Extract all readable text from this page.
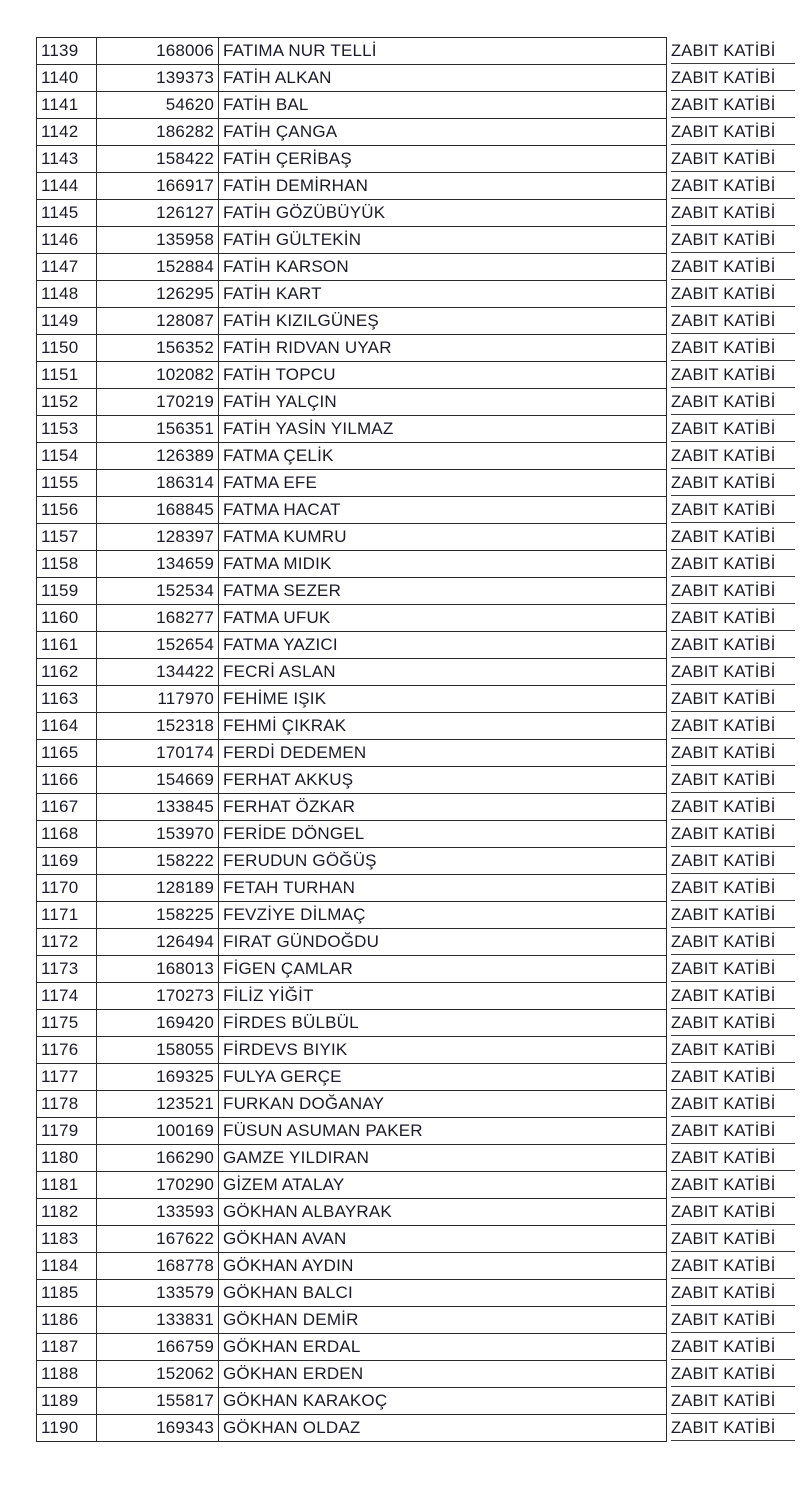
1139	168006	FATIMA NUR TELLİ	ZABIT KATİBİ

1140	139373	FATİH ALKAN	ZABIT KATİBİ

1141	54620	FATİH BAL	ZABIT KATİBİ

1142	186282	FATİH ÇANGA	ZABIT KATİBİ

1143	158422	FATİH ÇERİBAŞ	ZABIT KATİBİ

1144	166917	FATİH DEMİRHAN	ZABIT KATİBİ

1145	126127	FATİH GÖZÜBÜYÜK	ZABIT KATİBİ

1146	135958	FATİH GÜLTEKİN	ZABIT KATİBİ

1147	152884	FATİH KARSON	ZABIT KATİBİ

1148	126295	FATİH KART	ZABIT KATİBİ

1149	128087	FATİH KIZILGÜNEŞ	ZABIT KATİBİ

1150	156352	FATİH RIDVAN UYAR	ZABIT KATİBİ

1151	102082	FATİH TOPCU	ZABIT KATİBİ

1152	170219	FATİH YALÇIN	ZABIT KATİBİ

1153	156351	FATİH YASİN YILMAZ	ZABIT KATİBİ

1154	126389	FATMA ÇELİK	ZABIT KATİBİ

1155	186314	FATMA EFE	ZABIT KATİBİ

1156	168845	FATMA HACAT	ZABIT KATİBİ

1157	128397	FATMA KUMRU	ZABIT KATİBİ

1158	134659	FATMA MIDIK	ZABIT KATİBİ

1159	152534	FATMA SEZER	ZABIT KATİBİ

1160	168277	FATMA UFUK	ZABIT KATİBİ

1161	152654	FATMA YAZICI	ZABIT KATİBİ

1162	134422	FECRİ ASLAN	ZABIT KATİBİ

1163	117970	FEHİME IŞIK	ZABIT KATİBİ

1164	152318	FEHMİ ÇIKRAK	ZABIT KATİBİ

1165	170174	FERDİ DEDEMEN	ZABIT KATİBİ

1166	154669	FERHAT AKKUŞ	ZABIT KATİBİ

1167	133845	FERHAT ÖZKAR	ZABIT KATİBİ

1168	153970	FERİDE DÖNGEL	ZABIT KATİBİ

1169	158222	FERUDUN GÖĞÜŞ	ZABIT KATİBİ

1170	128189	FETAH TURHAN	ZABIT KATİBİ

1171	158225	FEVZİYE DİLMAÇ	ZABIT KATİBİ

1172	126494	FIRAT GÜNDOĞDU	ZABIT KATİBİ

1173	168013	FİGEN ÇAMLAR	ZABIT KATİBİ

1174	170273	FİLİZ YİĞİT	ZABIT KATİBİ

1175	169420	FİRDES BÜLBÜL	ZABIT KATİBİ

1176	158055	FİRDEVS BIYIK	ZABIT KATİBİ

1177	169325	FULYA GERÇE	ZABIT KATİBİ

1178	123521	FURKAN DOĞANAY	ZABIT KATİBİ

1179	100169	FÜSUN ASUMAN PAKER	ZABIT KATİBİ

1180	166290	GAMZE YILDIRAN	ZABIT KATİBİ

1181	170290	GİZEM ATALAY	ZABIT KATİBİ

1182	133593	GÖKHAN ALBAYRAK	ZABIT KATİBİ

1183	167622	GÖKHAN AVAN	ZABIT KATİBİ

1184	168778	GÖKHAN AYDIN	ZABIT KATİBİ

1185	133579	GÖKHAN BALCI	ZABIT KATİBİ

1186	133831	GÖKHAN DEMİR	ZABIT KATİBİ

1187	166759	GÖKHAN ERDAL	ZABIT KATİBİ

1188	152062	GÖKHAN ERDEN	ZABIT KATİBİ

1189	155817	GÖKHAN KARAKOÇ	ZABIT KATİBİ

1190	169343	GÖKHAN OLDAZ	ZABIT KATİBİ
